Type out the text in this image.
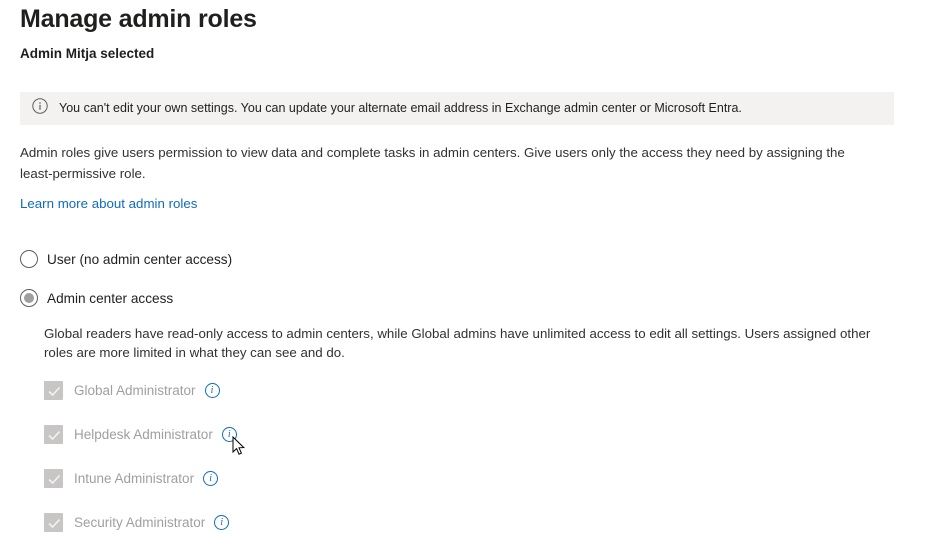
Manage admin roles
Admin Mitja selected
You can't edit your own settings. You can update your alternate email address in Exchange admin center or Microsoft Entra.
Admin roles give users permission to view data and complete tasks in admin centers. Give users only the access they need by assigning the least-permissive role.
Learn more about admin roles
User (no admin center access)
Admin center access
Global readers have read-only access to admin centers, while Global admins have unlimited access to edit all settings. Users assigned other roles are more limited in what they can see and do.
Global Administrator	i
Helpdesk Administrator	i
Intune Administrator	i
Security Administrator	i
